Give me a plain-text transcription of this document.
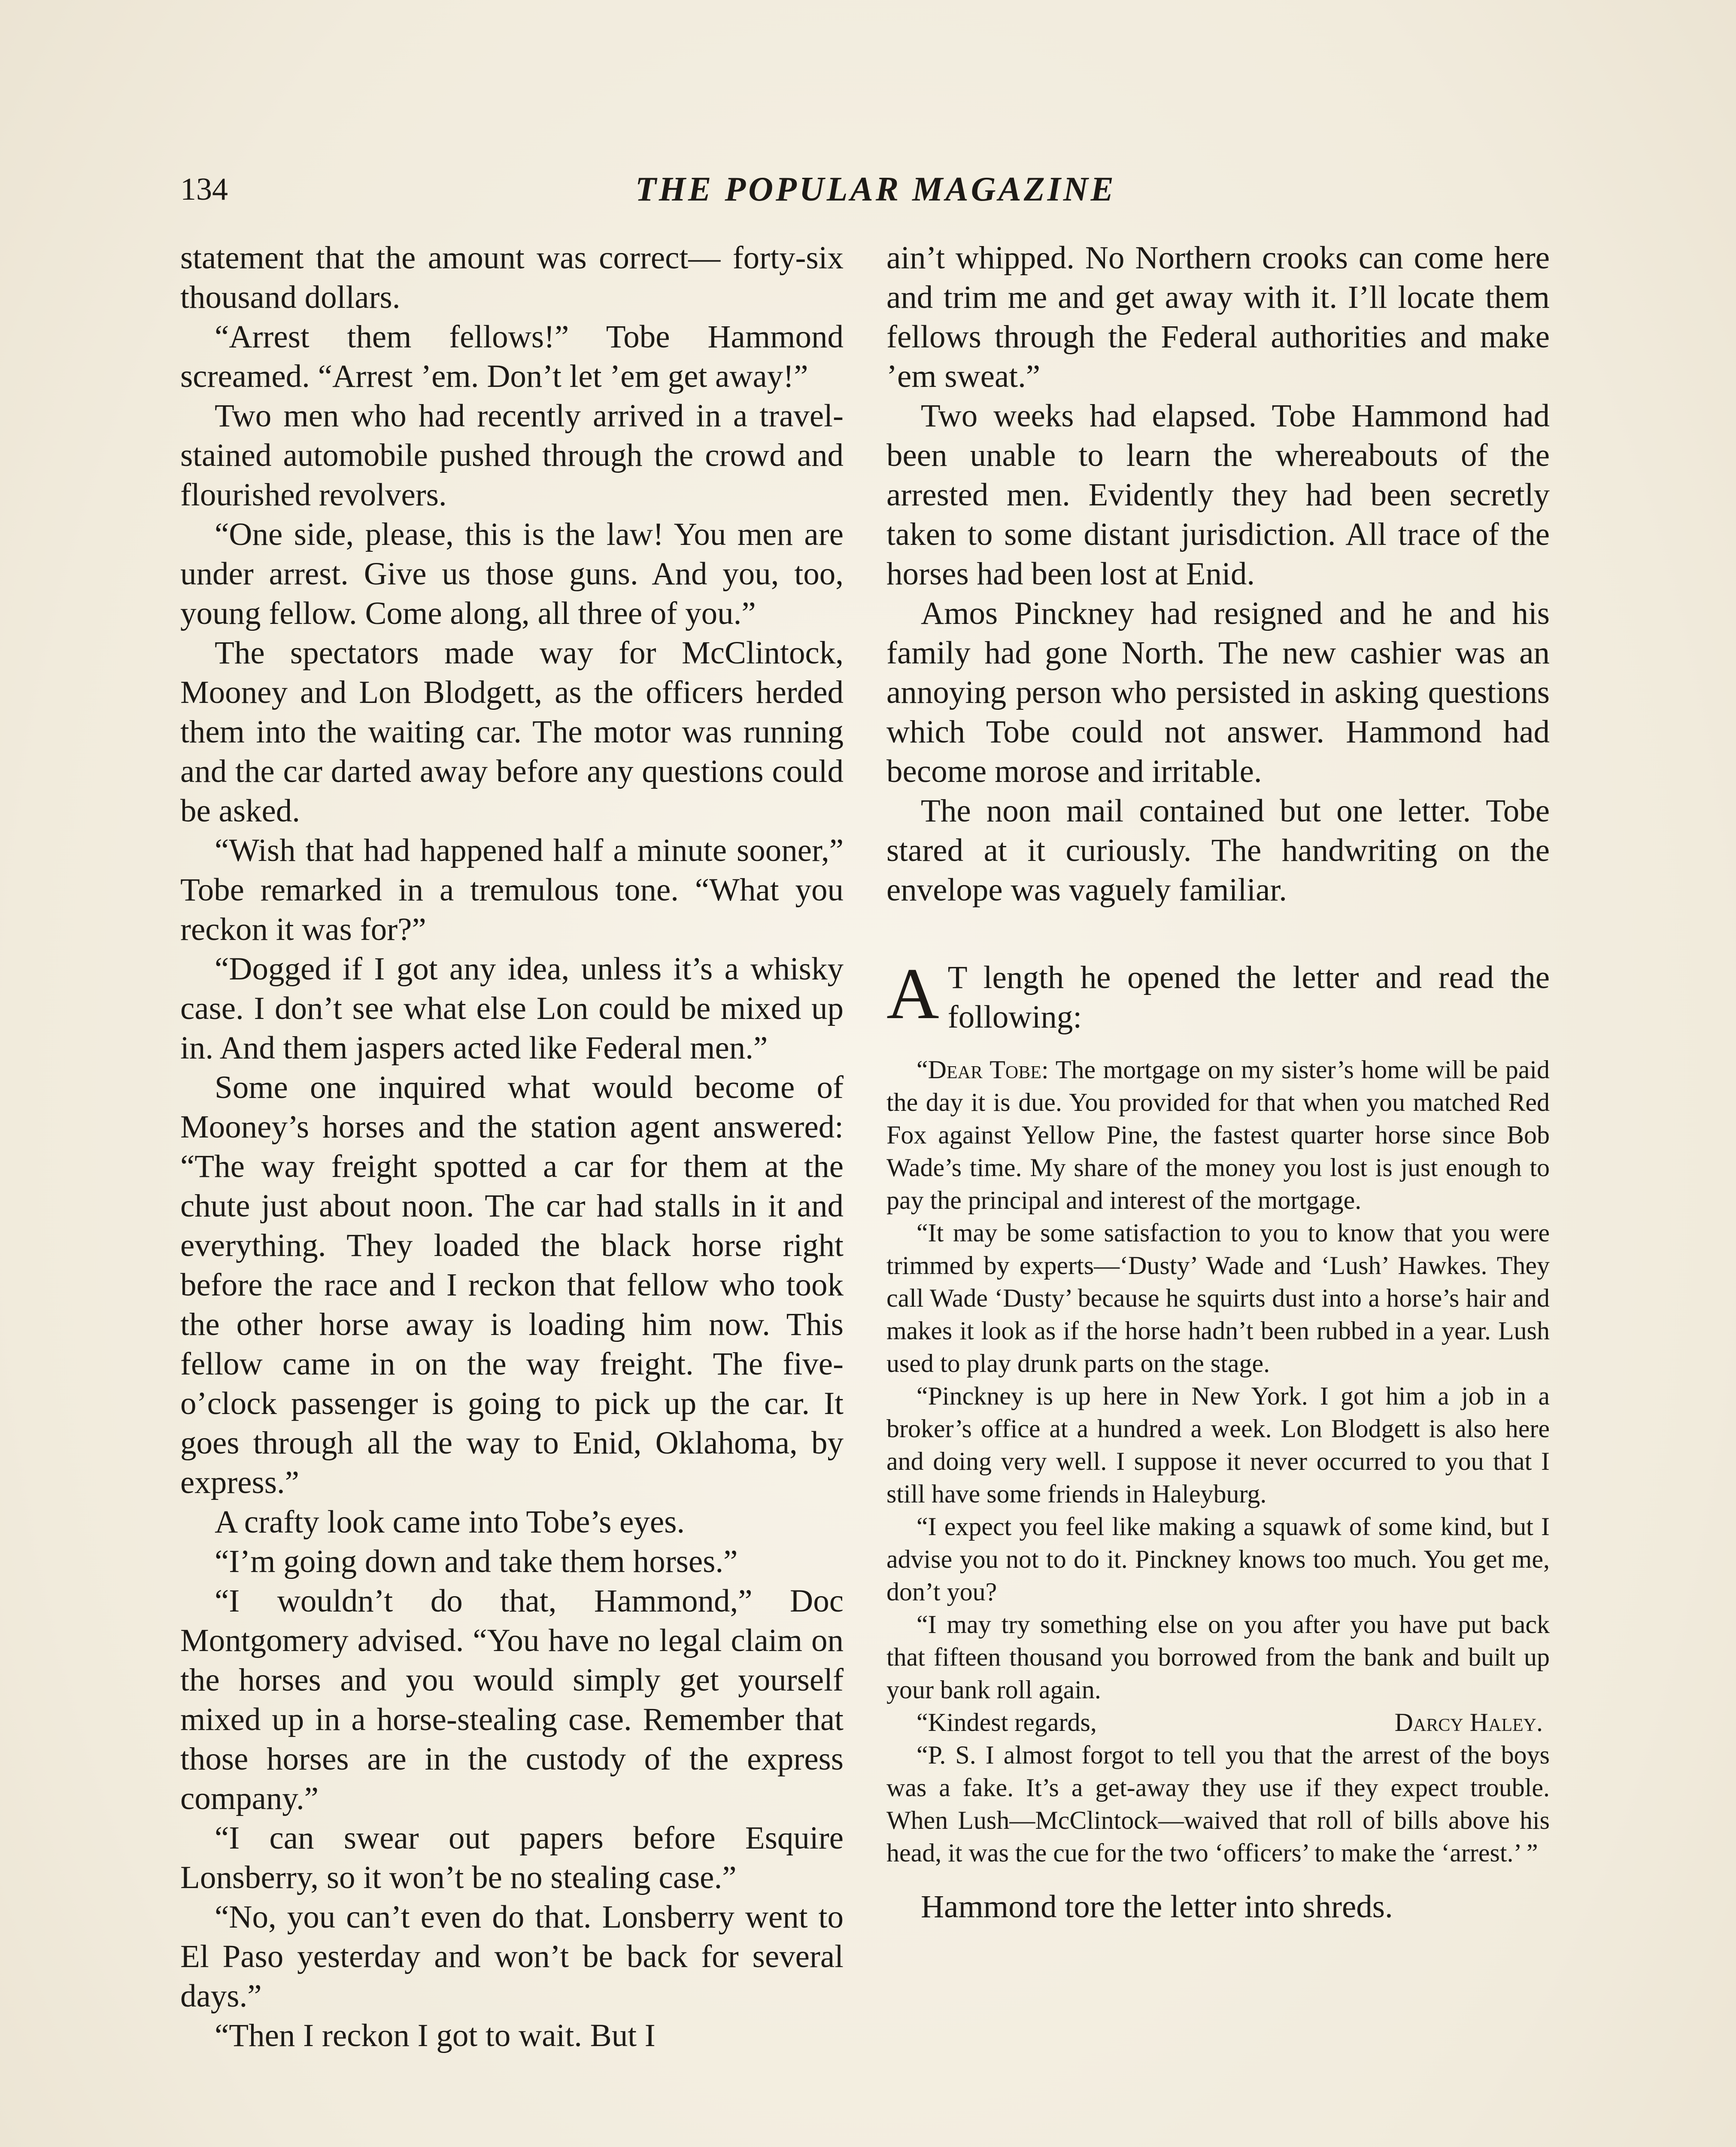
134	THE POPULAR MAGAZINE

statement that the amount was correct— forty-six thousand dollars.

“Arrest them fellows!” Tobe Hammond screamed. “Arrest ’em. Don’t let ’em get away!”

Two men who had recently arrived in a travel-stained automobile pushed through the crowd and flourished revolvers.

“One side, please, this is the law! You men are under arrest. Give us those guns. And you, too, young fellow. Come along, all three of you.”

The spectators made way for McClintock, Mooney and Lon Blodgett, as the officers herded them into the waiting car. The motor was running and the car darted away before any questions could be asked.

“Wish that had happened half a minute sooner,” Tobe remarked in a tremulous tone. “What you reckon it was for?”

“Dogged if I got any idea, unless it’s a whisky case. I don’t see what else Lon could be mixed up in. And them jaspers acted like Federal men.”

Some one inquired what would become of Mooney’s horses and the station agent answered: “The way freight spotted a car for them at the chute just about noon. The car had stalls in it and everything. They loaded the black horse right before the race and I reckon that fellow who took the other horse away is loading him now. This fellow came in on the way freight. The five-o’clock passenger is going to pick up the car. It goes through all the way to Enid, Oklahoma, by express.”

A crafty look came into Tobe’s eyes.

“I’m going down and take them horses.”

“I wouldn’t do that, Hammond,” Doc Montgomery advised. “You have no legal claim on the horses and you would simply get yourself mixed up in a horse-stealing case. Remember that those horses are in the custody of the express company.”

“I can swear out papers before Esquire Lonsberry, so it won’t be no stealing case.”

“No, you can’t even do that. Lonsberry went to El Paso yesterday and won’t be back for several days.”

“Then I reckon I got to wait. But I

ain’t whipped. No Northern crooks can come here and trim me and get away with it. I’ll locate them fellows through the Federal authorities and make ’em sweat.”

Two weeks had elapsed. Tobe Hammond had been unable to learn the whereabouts of the arrested men. Evidently they had been secretly taken to some distant jurisdiction. All trace of the horses had been lost at Enid.

Amos Pinckney had resigned and he and his family had gone North. The new cashier was an annoying person who persisted in asking questions which Tobe could not answer. Hammond had become morose and irritable.

The noon mail contained but one letter. Tobe stared at it curiously. The handwriting on the envelope was vaguely familiar.

A T length he opened the letter and read the following:

“Dear Tobe: The mortgage on my sister’s home will be paid the day it is due. You provided for that when you matched Red Fox against Yellow Pine, the fastest quarter horse since Bob Wade’s time. My share of the money you lost is just enough to pay the principal and interest of the mortgage.

“It may be some satisfaction to you to know that you were trimmed by experts—‘Dusty’ Wade and ‘Lush’ Hawkes. They call Wade ‘Dusty’ because he squirts dust into a horse’s hair and makes it look as if the horse hadn’t been rubbed in a year. Lush used to play drunk parts on the stage.

“Pinckney is up here in New York. I got him a job in a broker’s office at a hundred a week. Lon Blodgett is also here and doing very well. I suppose it never occurred to you that I still have some friends in Haleyburg.

“I expect you feel like making a squawk of some kind, but I advise you not to do it. Pinckney knows too much. You get me, don’t you?

“I may try something else on you after you have put back that fifteen thousand you borrowed from the bank and built up your bank roll again.

“Kindest regards,	Darcy Haley.

“P. S. I almost forgot to tell you that the arrest of the boys was a fake. It’s a get-away they use if they expect trouble. When Lush—McClintock—waived that roll of bills above his head, it was the cue for the two ‘officers’ to make the ‘arrest.’ ”

Hammond tore the letter into shreds.
